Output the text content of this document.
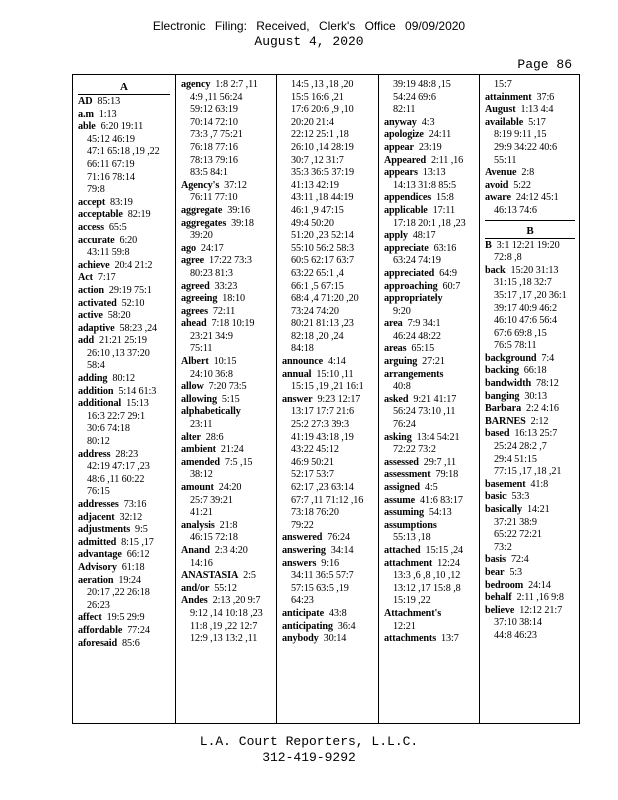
Electronic Filing: Received, Clerk's Office 09/09/2020
August 4, 2020
Page 86
A
AD 85:13
a.m 1:13
able 6:20 19:11
45:12 46:19
47:1 65:18 ,19 ,22
66:11 67:19
71:16 78:14
79:8
accept 83:19
acceptable 82:19
access 65:5
accurate 6:20
43:11 59:8
achieve 20:4 21:2
Act 7:17
action 29:19 75:1
activated 52:10
active 58:20
adaptive 58:23 ,24
add 21:21 25:19
26:10 ,13 37:20
58:4
adding 80:12
addition 5:14 61:3
additional 15:13
16:3 22:7 29:1
30:6 74:18
80:12
address 28:23
42:19 47:17 ,23
48:6 ,11 60:22
76:15
addresses 73:16
adjacent 32:12
adjustments 9:5
admitted 8:15 ,17
advantage 66:12
Advisory 61:18
aeration 19:24
20:17 ,22 26:18
26:23
affect 19:5 29:9
affordable 77:24
aforesaid 85:6
agency 1:8 2:7 ,11
4:9 ,11 56:24
59:12 63:19
70:14 72:10
73:3 ,7 75:21
76:18 77:16
78:13 79:16
83:5 84:1
Agency's 37:12
76:11 77:10
aggregate 39:16
aggregates 39:18
39:20
ago 24:17
agree 17:22 73:3
80:23 81:3
agreed 33:23
agreeing 18:10
agrees 72:11
ahead 7:18 10:19
23:21 34:9
75:11
Albert 10:15
24:10 36:8
allow 7:20 73:5
allowing 5:15
alphabetically
23:11
alter 28:6
ambient 21:24
amended 7:5 ,15
38:12
amount 24:20
25:7 39:21
41:21
analysis 21:8
46:15 72:18
Anand 2:3 4:20
14:16
ANASTASIA 2:5
and/or 55:12
Andes 2:13 ,20 9:7
9:12 ,14 10:18 ,23
11:8 ,19 ,22 12:7
12:9 ,13 13:2 ,11
14:5 ,13 ,18 ,20
15:5 16:6 ,21
17:6 20:6 ,9 ,10
20:20 21:4
22:12 25:1 ,18
26:10 ,14 28:19
30:7 ,12 31:7
35:3 36:5 37:19
41:13 42:19
43:11 ,18 44:19
46:1 ,9 47:15
49:4 50:20
51:20 ,23 52:14
55:10 56:2 58:3
60:5 62:17 63:7
63:22 65:1 ,4
66:1 ,5 67:15
68:4 ,4 71:20 ,20
73:24 74:20
80:21 81:13 ,23
82:18 ,20 ,24
84:18
announce 4:14
annual 15:10 ,11
15:15 ,19 ,21 16:1
answer 9:23 12:17
13:17 17:7 21:6
25:2 27:3 39:3
41:19 43:18 ,19
43:22 45:12
46:9 50:21
52:17 53:7
62:17 ,23 63:14
67:7 ,11 71:12 ,16
73:18 76:20
79:22
answered 76:24
answering 34:14
answers 9:16
34:11 36:5 57:7
57:15 63:5 ,19
64:23
anticipate 43:8
anticipating 36:4
anybody 30:14
39:19 48:8 ,15
54:24 69:6
82:11
anyway 4:3
apologize 24:11
appear 23:19
Appeared 2:11 ,16
appears 13:13
14:13 31:8 85:5
appendices 15:8
applicable 17:11
17:18 20:1 ,18 ,23
apply 48:17
appreciate 63:16
63:24 74:19
appreciated 64:9
approaching 60:7
appropriately
9:20
area 7:9 34:1
46:24 48:22
areas 65:15
arguing 27:21
arrangements
40:8
asked 9:21 41:17
56:24 73:10 ,11
76:24
asking 13:4 54:21
72:22 73:2
assessed 29:7 ,11
assessment 79:18
assigned 4:5
assume 41:6 83:17
assuming 54:13
assumptions
55:13 ,18
attached 15:15 ,24
attachment 12:24
13:3 ,6 ,8 ,10 ,12
13:12 ,17 15:8 ,8
15:19 ,22
Attachment's
12:21
attachments 13:7
15:7
attainment 37:6
August 1:13 4:4
available 5:17
8:19 9:11 ,15
29:9 34:22 40:6
55:11
Avenue 2:8
avoid 5:22
aware 24:12 45:1
46:13 74:6
B
B 3:1 12:21 19:20
72:8 ,8
back 15:20 31:13
31:15 ,18 32:7
35:17 ,17 ,20 36:1
39:17 40:9 46:2
46:10 47:6 56:4
67:6 69:8 ,15
76:5 78:11
background 7:4
backing 66:18
bandwidth 78:12
banging 30:13
Barbara 2:2 4:16
BARNES 2:12
based 16:13 25:7
25:24 28:2 ,7
29:4 51:15
77:15 ,17 ,18 ,21
basement 41:8
basic 53:3
basically 14:21
37:21 38:9
65:22 72:21
73:2
basis 72:4
bear 5:3
bedroom 24:14
behalf 2:11 ,16 9:8
believe 12:12 21:7
37:10 38:14
44:8 46:23
L.A. Court Reporters, L.L.C.
312-419-9292
